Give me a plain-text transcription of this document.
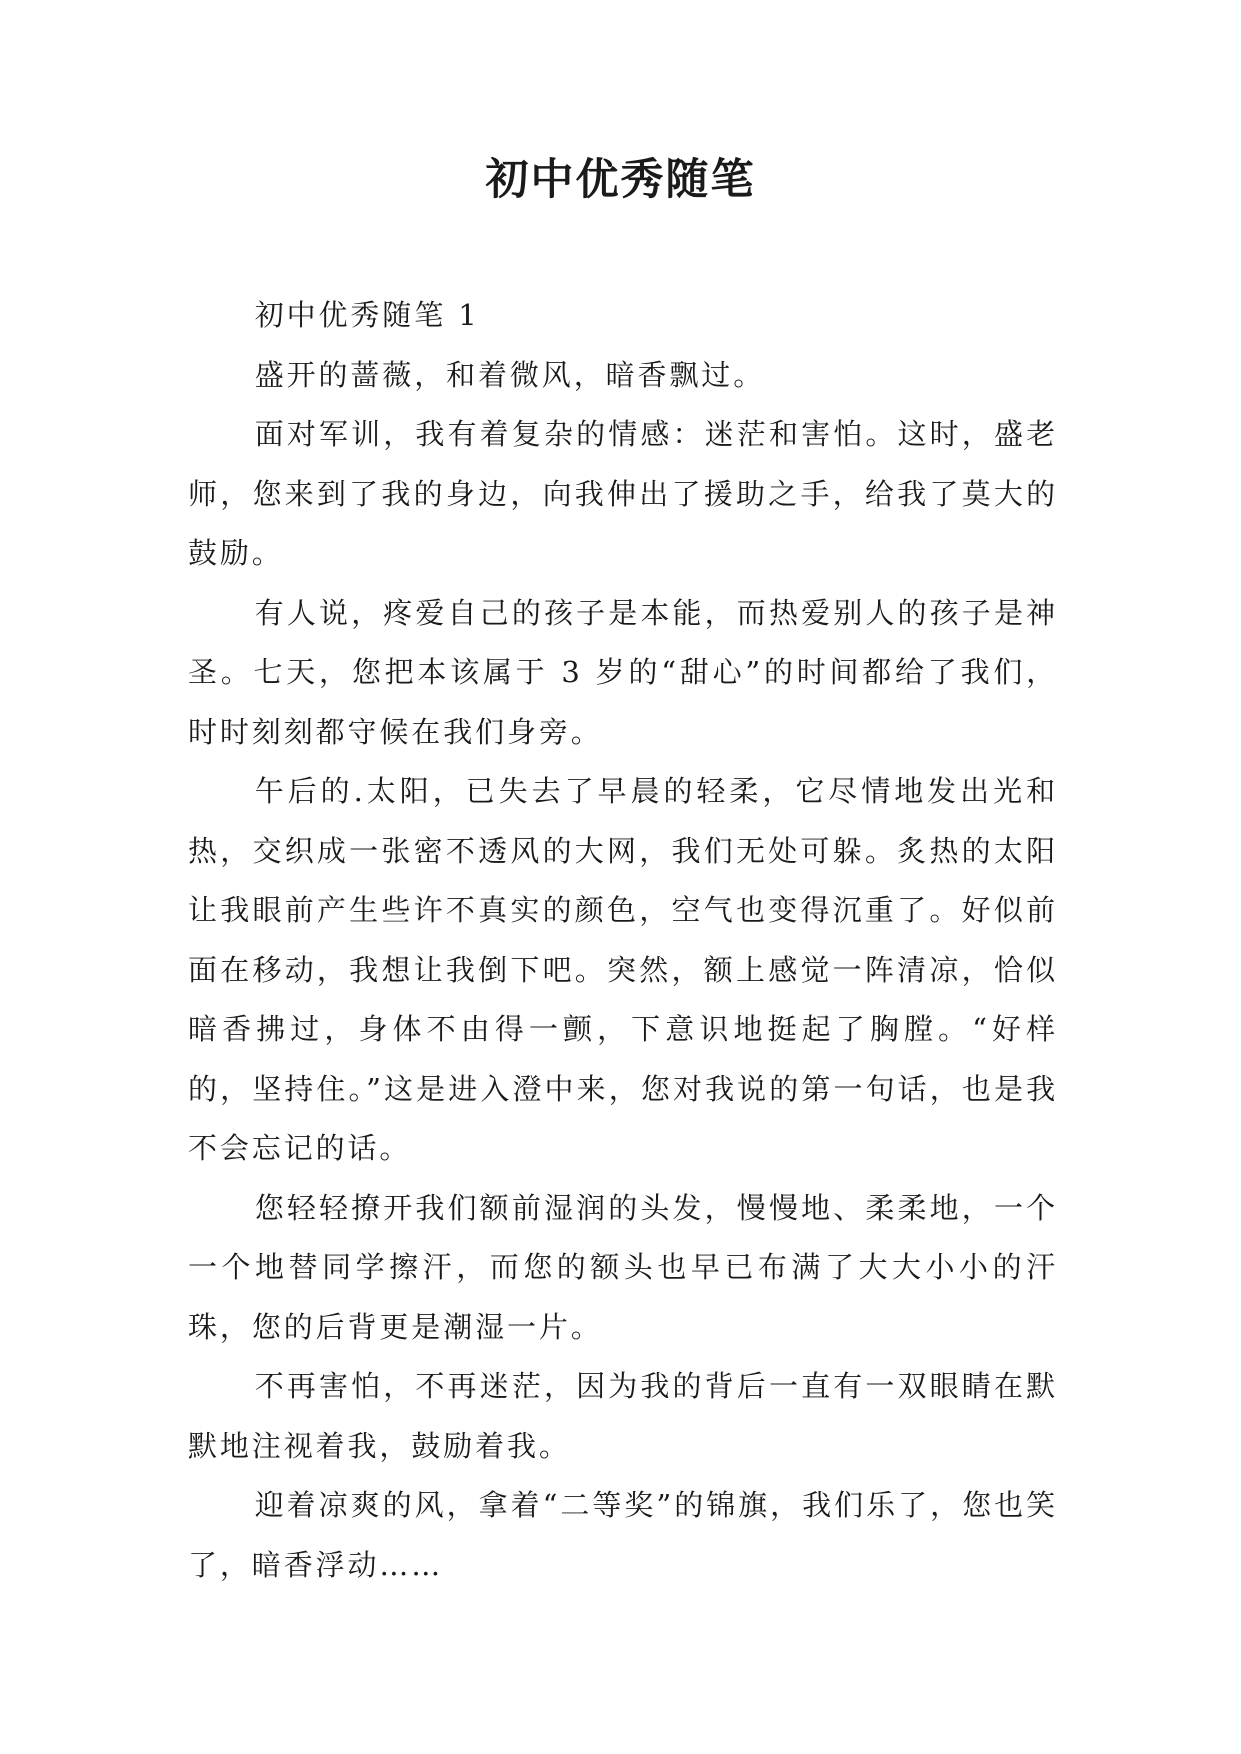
初中优秀随笔

初中优秀随笔 1

盛开的蔷薇，和着微风，暗香飘过。

面对军训，我有着复杂的情感：迷茫和害怕。这时，盛老师，您来到了我的身边，向我伸出了援助之手，给我了莫大的鼓励。

有人说，疼爱自己的孩子是本能，而热爱别人的孩子是神圣。七天，您把本该属于 3 岁的“甜心”的时间都给了我们，时时刻刻都守候在我们身旁。

午后的.太阳，已失去了早晨的轻柔，它尽情地发出光和热，交织成一张密不透风的大网，我们无处可躲。炙热的太阳让我眼前产生些许不真实的颜色，空气也变得沉重了。好似前面在移动，我想让我倒下吧。突然，额上感觉一阵清凉，恰似暗香拂过，身体不由得一颤，下意识地挺起了胸膛。“好样的，坚持住。”这是进入澄中来，您对我说的第一句话，也是我不会忘记的话。

您轻轻撩开我们额前湿润的头发，慢慢地、柔柔地，一个一个地替同学擦汗，而您的额头也早已布满了大大小小的汗珠，您的后背更是潮湿一片。

不再害怕，不再迷茫，因为我的背后一直有一双眼睛在默默地注视着我，鼓励着我。

迎着凉爽的风，拿着“二等奖”的锦旗，我们乐了，您也笑了，暗香浮动……
